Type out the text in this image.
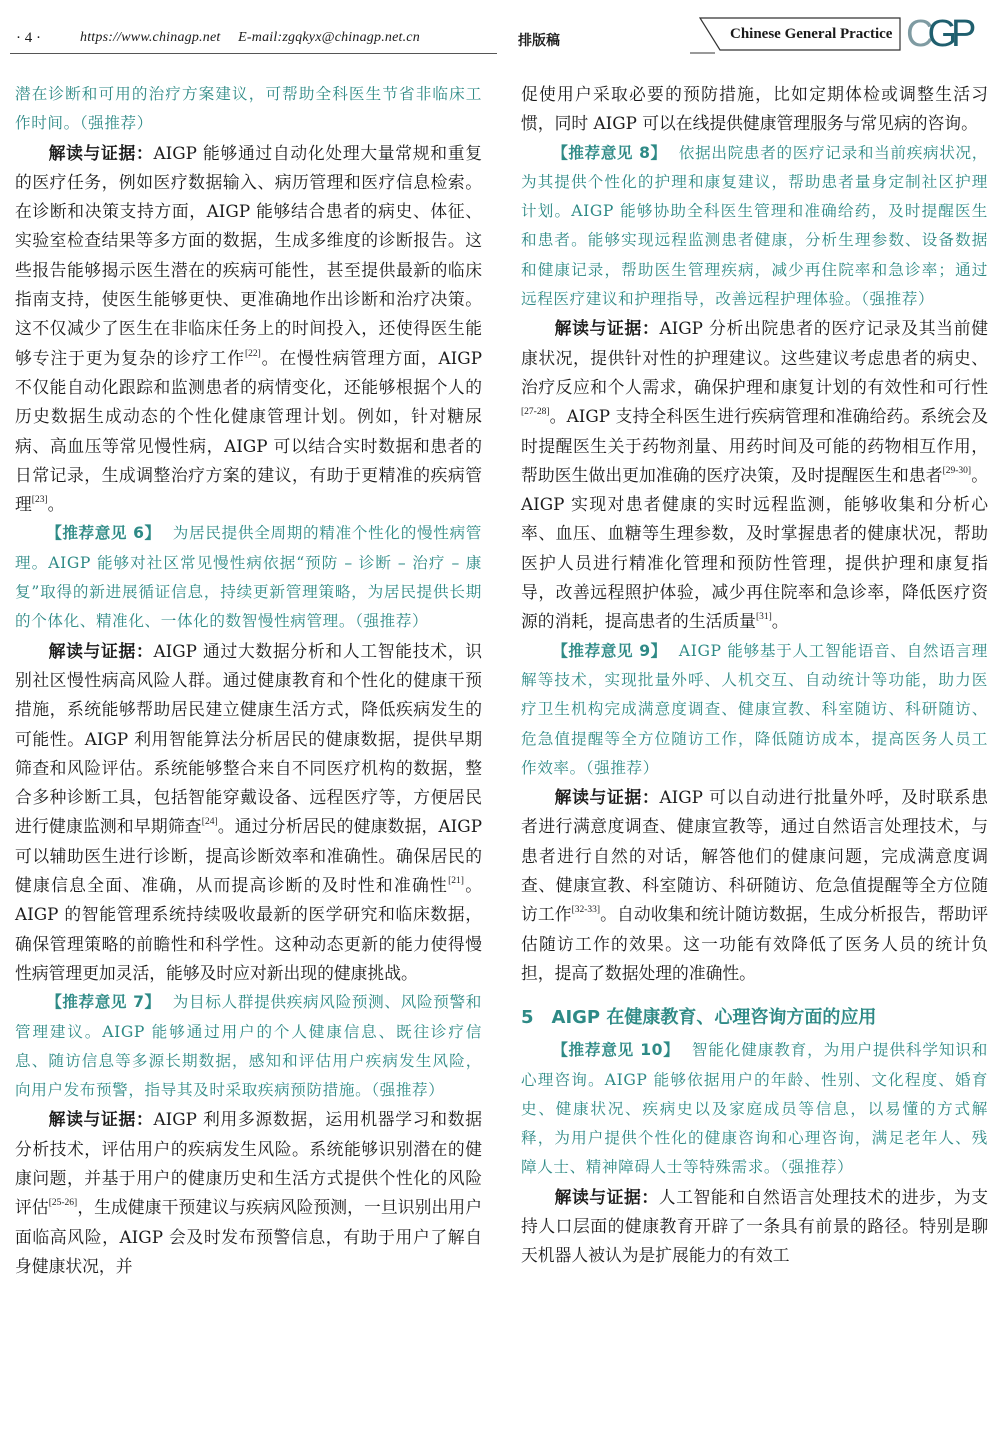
· 4 ·	https://www.chinagp.net E-mail:zgqkyx@chinagp.net.cn	排版稿	Chinese General Practice CGP

潜在诊断和可用的治疗方案建议，可帮助全科医生节省非临床工作时间。（强推荐）

解读与证据：AIGP 能够通过自动化处理大量常规和重复的医疗任务，例如医疗数据输入、病历管理和医疗信息检索。在诊断和决策支持方面，AIGP 能够结合患者的病史、体征、实验室检查结果等多方面的数据，生成多维度的诊断报告。这些报告能够揭示医生潜在的疾病可能性，甚至提供最新的临床指南支持，使医生能够更快、更准确地作出诊断和治疗决策。这不仅减少了医生在非临床任务上的时间投入，还使得医生能够专注于更为复杂的诊疗工作[22]。在慢性病管理方面，AIGP 不仅能自动化跟踪和监测患者的病情变化，还能够根据个人的历史数据生成动态的个性化健康管理计划。例如，针对糖尿病、高血压等常见慢性病，AIGP 可以结合实时数据和患者的日常记录，生成调整治疗方案的建议，有助于更精准的疾病管理[23]。

【推荐意见 6】 为居民提供全周期的精准个性化的慢性病管理。AIGP 能够对社区常见慢性病依据“预防 – 诊断 – 治疗 – 康复”取得的新进展循证信息，持续更新管理策略，为居民提供长期的个体化、精准化、一体化的数智慢性病管理。（强推荐）

解读与证据：AIGP 通过大数据分析和人工智能技术，识别社区慢性病高风险人群。通过健康教育和个性化的健康干预措施，系统能够帮助居民建立健康生活方式，降低疾病发生的可能性。AIGP 利用智能算法分析居民的健康数据，提供早期筛查和风险评估。系统能够整合来自不同医疗机构的数据，整合多种诊断工具，包括智能穿戴设备、远程医疗等，方便居民进行健康监测和早期筛查[24]。通过分析居民的健康数据，AIGP 可以辅助医生进行诊断，提高诊断效率和准确性。确保居民的健康信息全面、准确，从而提高诊断的及时性和准确性[21]。AIGP 的智能管理系统持续吸收最新的医学研究和临床数据，确保管理策略的前瞻性和科学性。这种动态更新的能力使得慢性病管理更加灵活，能够及时应对新出现的健康挑战。

【推荐意见 7】 为目标人群提供疾病风险预测、风险预警和管理建议。AIGP 能够通过用户的个人健康信息、既往诊疗信息、随访信息等多源长期数据，感知和评估用户疾病发生风险，向用户发布预警，指导其及时采取疾病预防措施。（强推荐）

解读与证据：AIGP 利用多源数据，运用机器学习和数据分析技术，评估用户的疾病发生风险。系统能够识别潜在的健康问题，并基于用户的健康历史和生活方式提供个性化的风险评估[25-26]，生成健康干预建议与疾病风险预测，一旦识别出用户面临高风险，AIGP 会及时发布预警信息，有助于用户了解自身健康状况，并

促使用户采取必要的预防措施，比如定期体检或调整生活习惯，同时 AIGP 可以在线提供健康管理服务与常见病的咨询。

【推荐意见 8】 依据出院患者的医疗记录和当前疾病状况，为其提供个性化的护理和康复建议，帮助患者量身定制社区护理计划。AIGP 能够协助全科医生管理和准确给药，及时提醒医生和患者。能够实现远程监测患者健康，分析生理参数、设备数据和健康记录，帮助医生管理疾病，减少再住院率和急诊率；通过远程医疗建议和护理指导，改善远程护理体验。（强推荐）

解读与证据：AIGP 分析出院患者的医疗记录及其当前健康状况，提供针对性的护理建议。这些建议考虑患者的病史、治疗反应和个人需求，确保护理和康复计划的有效性和可行性[27-28]。AIGP 支持全科医生进行疾病管理和准确给药。系统会及时提醒医生关于药物剂量、用药时间及可能的药物相互作用，帮助医生做出更加准确的医疗决策，及时提醒医生和患者[29-30]。AIGP 实现对患者健康的实时远程监测，能够收集和分析心率、血压、血糖等生理参数，及时掌握患者的健康状况，帮助医护人员进行精准化管理和预防性管理，提供护理和康复指导，改善远程照护体验，减少再住院率和急诊率，降低医疗资源的消耗，提高患者的生活质量[31]。

【推荐意见 9】 AIGP 能够基于人工智能语音、自然语言理解等技术，实现批量外呼、人机交互、自动统计等功能，助力医疗卫生机构完成满意度调查、健康宣教、科室随访、科研随访、危急值提醒等全方位随访工作，降低随访成本，提高医务人员工作效率。（强推荐）

解读与证据：AIGP 可以自动进行批量外呼，及时联系患者进行满意度调查、健康宣教等，通过自然语言处理技术，与患者进行自然的对话，解答他们的健康问题，完成满意度调查、健康宣教、科室随访、科研随访、危急值提醒等全方位随访工作[32-33]。自动收集和统计随访数据，生成分析报告，帮助评估随访工作的效果。这一功能有效降低了医务人员的统计负担，提高了数据处理的准确性。

5　AIGP 在健康教育、心理咨询方面的应用

【推荐意见 10】 智能化健康教育，为用户提供科学知识和心理咨询。AIGP 能够依据用户的年龄、性别、文化程度、婚育史、健康状况、疾病史以及家庭成员等信息，以易懂的方式解释，为用户提供个性化的健康咨询和心理咨询，满足老年人、残障人士、精神障碍人士等特殊需求。（强推荐）

解读与证据：人工智能和自然语言处理技术的进步，为支持人口层面的健康教育开辟了一条具有前景的路径。特别是聊天机器人被认为是扩展能力的有效工
